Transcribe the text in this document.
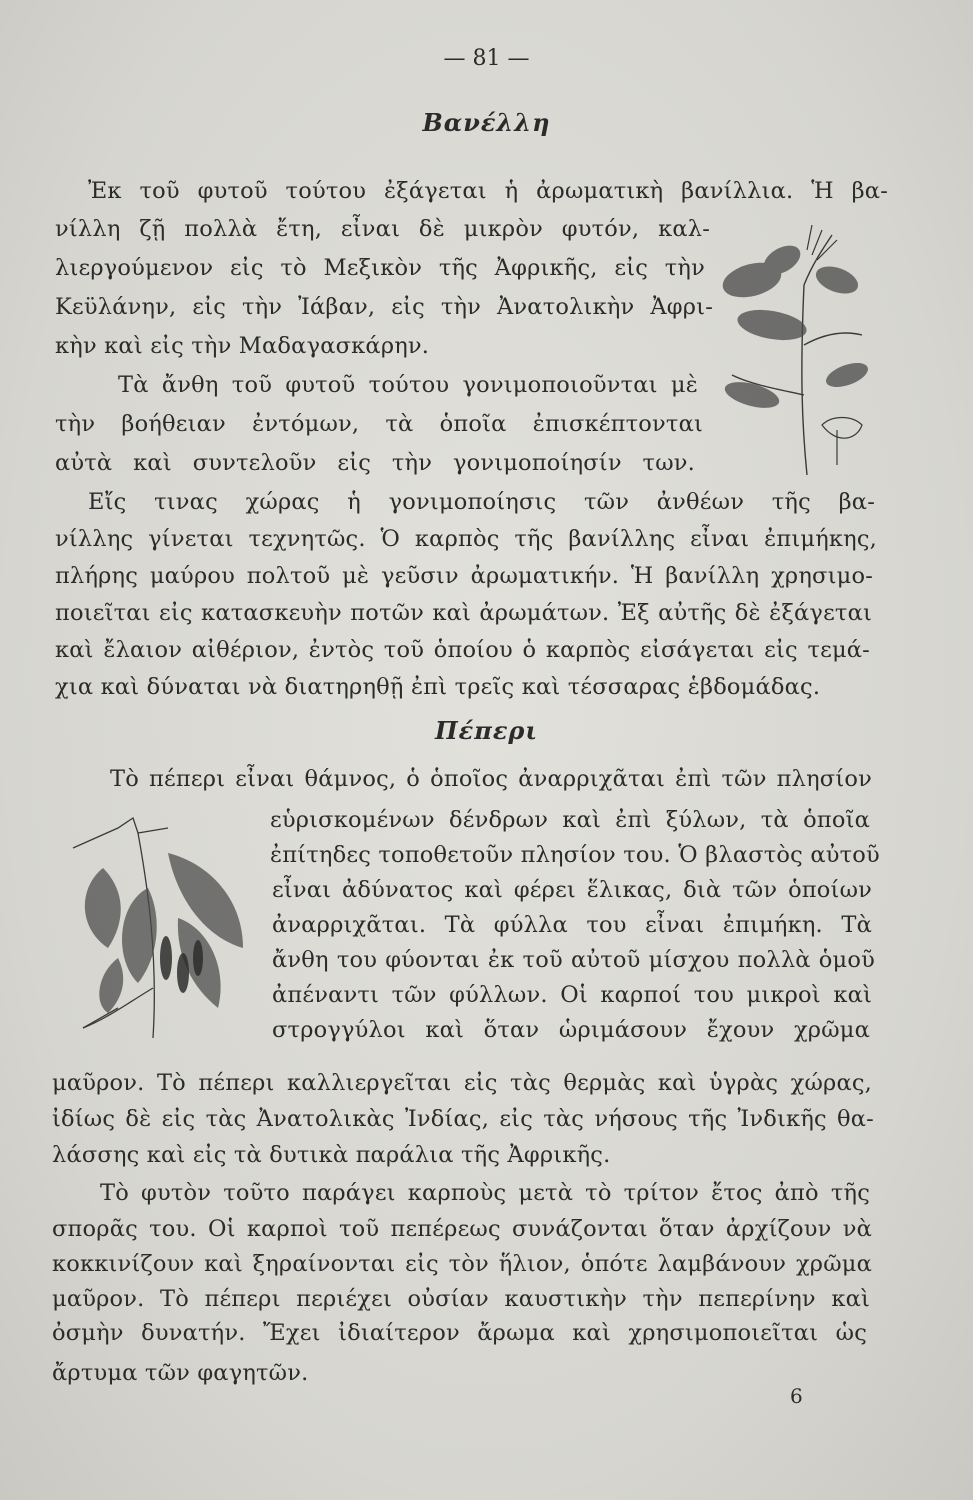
— 81 —
Βανέλλη
Ἐκ τοῦ φυτοῦ τούτου ἐξάγεται ἡ ἀρωματικὴ βανίλλια. Ἡ βα-
νίλλη ζῇ πολλὰ ἔτη, εἶναι δὲ μικρὸν φυτόν, καλ-
λιεργούμενον εἰς τὸ Μεξικὸν τῆς Ἀφρικῆς, εἰς τὴν
Κεϋλάνην, εἰς τὴν Ἰάβαν, εἰς τὴν Ἀνατολικὴν Ἀφρι-
κὴν καὶ εἰς τὴν Μαδαγασκάρην.
Τὰ ἄνθη τοῦ φυτοῦ τούτου γονιμοποιοῦνται μὲ
τὴν βοήθειαν ἐντόμων, τὰ ὁποῖα ἐπισκέπτονται
αὐτὰ καὶ συντελοῦν εἰς τὴν γονιμοποίησίν των.
Εἴς τινας χώρας ἡ γονιμοποίησις τῶν ἀνθέων τῆς βα-
νίλλης γίνεται τεχνητῶς. Ὁ καρπὸς τῆς βανίλλης εἶναι ἐπιμήκης,
πλήρης μαύρου πολτοῦ μὲ γεῦσιν ἀρωματικήν. Ἡ βανίλλη χρησιμο-
ποιεῖται εἰς κατασκευὴν ποτῶν καὶ ἀρωμάτων. Ἐξ αὐτῆς δὲ ἐξάγεται
καὶ ἔλαιον αἰθέριον, ἐντὸς τοῦ ὁποίου ὁ καρπὸς εἰσάγεται εἰς τεμά-
χια καὶ δύναται νὰ διατηρηθῇ ἐπὶ τρεῖς καὶ τέσσαρας ἑβδομάδας.
Πέπερι
Τὸ πέπερι εἶναι θάμνος, ὁ ὁποῖος ἀναρριχᾶται ἐπὶ τῶν πλησίον
εὑρισκομένων δένδρων καὶ ἐπὶ ξύλων, τὰ ὁποῖα
ἐπίτηδες τοποθετοῦν πλησίον του. Ὁ βλαστὸς αὐτοῦ
εἶναι ἀδύνατος καὶ φέρει ἕλικας, διὰ τῶν ὁποίων
ἀναρριχᾶται. Τὰ φύλλα του εἶναι ἐπιμήκη. Τὰ
ἄνθη του φύονται ἐκ τοῦ αὐτοῦ μίσχου πολλὰ ὁμοῦ
ἀπέναντι τῶν φύλλων. Οἱ καρποί του μικροὶ καὶ
στρογγύλοι καὶ ὅταν ὡριμάσουν ἔχουν χρῶμα
μαῦρον. Τὸ πέπερι καλλιεργεῖται εἰς τὰς θερμὰς καὶ ὑγρὰς χώρας,
ἰδίως δὲ εἰς τὰς Ἀνατολικὰς Ἰνδίας, εἰς τὰς νήσους τῆς Ἰνδικῆς θα-
λάσσης καὶ εἰς τὰ δυτικὰ παράλια τῆς Ἀφρικῆς.
Τὸ φυτὸν τοῦτο παράγει καρποὺς μετὰ τὸ τρίτον ἔτος ἀπὸ τῆς
σπορᾶς του. Οἱ καρποὶ τοῦ πεπέρεως συνάζονται ὅταν ἀρχίζουν νὰ
κοκκινίζουν καὶ ξηραίνονται εἰς τὸν ἥλιον, ὁπότε λαμβάνουν χρῶμα
μαῦρον. Τὸ πέπερι περιέχει οὐσίαν καυστικὴν τὴν πεπερίνην καὶ
ὀσμὴν δυνατήν. Ἔχει ἰδιαίτερον ἄρωμα καὶ χρησιμοποιεῖται ὡς
ἄρτυμα τῶν φαγητῶν.
6
